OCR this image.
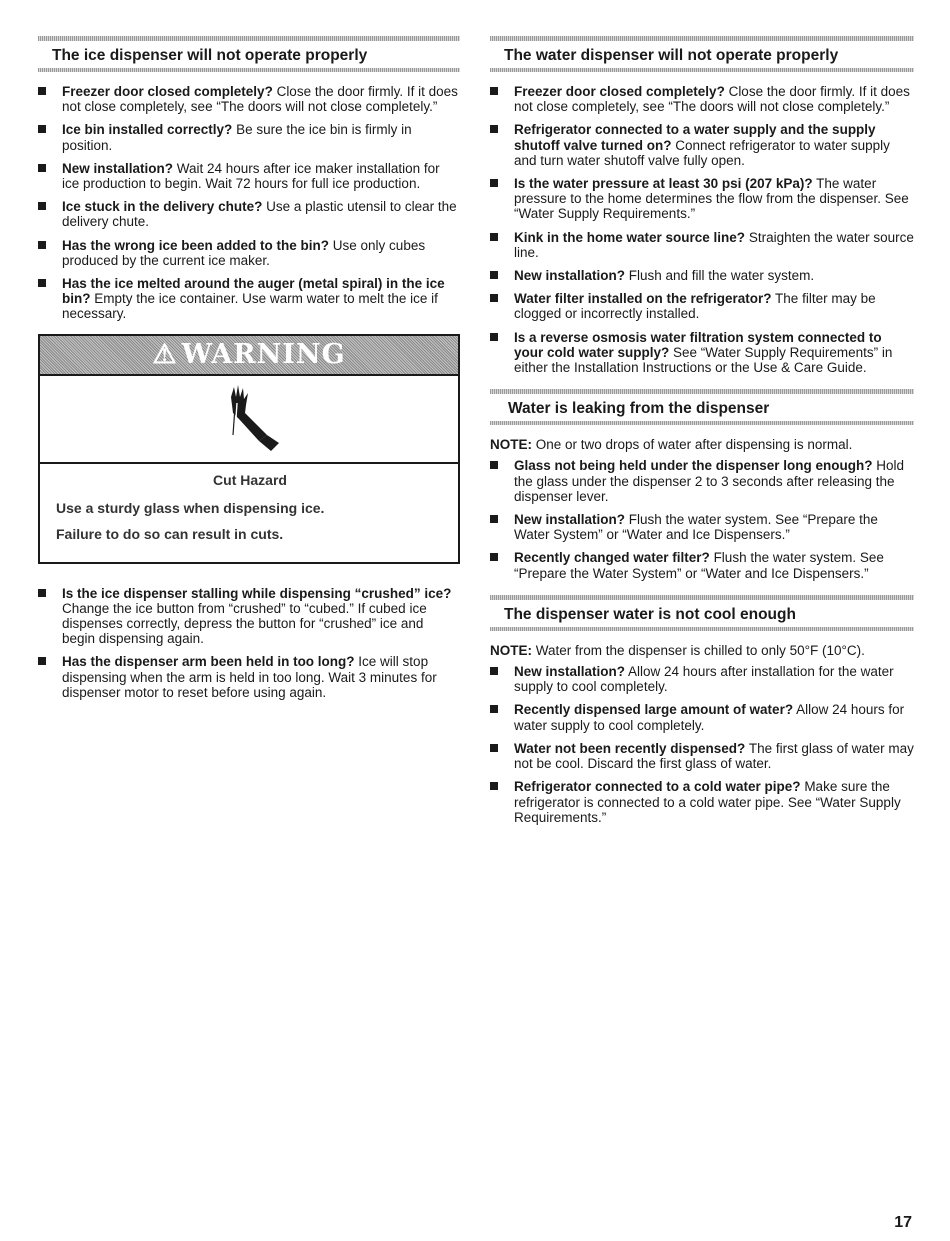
The ice dispenser will not operate properly
Freezer door closed completely? Close the door firmly. If it does not close completely, see “The doors will not close completely.”
Ice bin installed correctly? Be sure the ice bin is firmly in position.
New installation? Wait 24 hours after ice maker installation for ice production to begin. Wait 72 hours for full ice production.
Ice stuck in the delivery chute? Use a plastic utensil to clear the delivery chute.
Has the wrong ice been added to the bin? Use only cubes produced by the current ice maker.
Has the ice melted around the auger (metal spiral) in the ice bin? Empty the ice container. Use warm water to melt the ice if necessary.
⚠ WARNING
Cut Hazard
Use a sturdy glass when dispensing ice.
Failure to do so can result in cuts.
Is the ice dispenser stalling while dispensing “crushed” ice? Change the ice button from “crushed” to “cubed.” If cubed ice dispenses correctly, depress the button for “crushed” ice and begin dispensing again.
Has the dispenser arm been held in too long? Ice will stop dispensing when the arm is held in too long. Wait 3 minutes for dispenser motor to reset before using again.
The water dispenser will not operate properly
Freezer door closed completely? Close the door firmly. If it does not close completely, see “The doors will not close completely.”
Refrigerator connected to a water supply and the supply shutoff valve turned on? Connect refrigerator to water supply and turn water shutoff valve fully open.
Is the water pressure at least 30 psi (207 kPa)? The water pressure to the home determines the flow from the dispenser. See “Water Supply Requirements.”
Kink in the home water source line? Straighten the water source line.
New installation? Flush and fill the water system.
Water filter installed on the refrigerator? The filter may be clogged or incorrectly installed.
Is a reverse osmosis water filtration system connected to your cold water supply? See “Water Supply Requirements” in either the Installation Instructions or the Use & Care Guide.
Water is leaking from the dispenser

NOTE: One or two drops of water after dispensing is normal.

Glass not being held under the dispenser long enough? Hold the glass under the dispenser 2 to 3 seconds after releasing the dispenser lever.
New installation? Flush the water system. See “Prepare the Water System” or “Water and Ice Dispensers.”
Recently changed water filter? Flush the water system. See “Prepare the Water System” or “Water and Ice Dispensers.”
The dispenser water is not cool enough

NOTE: Water from the dispenser is chilled to only 50°F (10°C).

New installation? Allow 24 hours after installation for the water supply to cool completely.
Recently dispensed large amount of water? Allow 24 hours for water supply to cool completely.
Water not been recently dispensed? The first glass of water may not be cool. Discard the first glass of water.
Refrigerator connected to a cold water pipe? Make sure the refrigerator is connected to a cold water pipe. See “Water Supply Requirements.”
17
